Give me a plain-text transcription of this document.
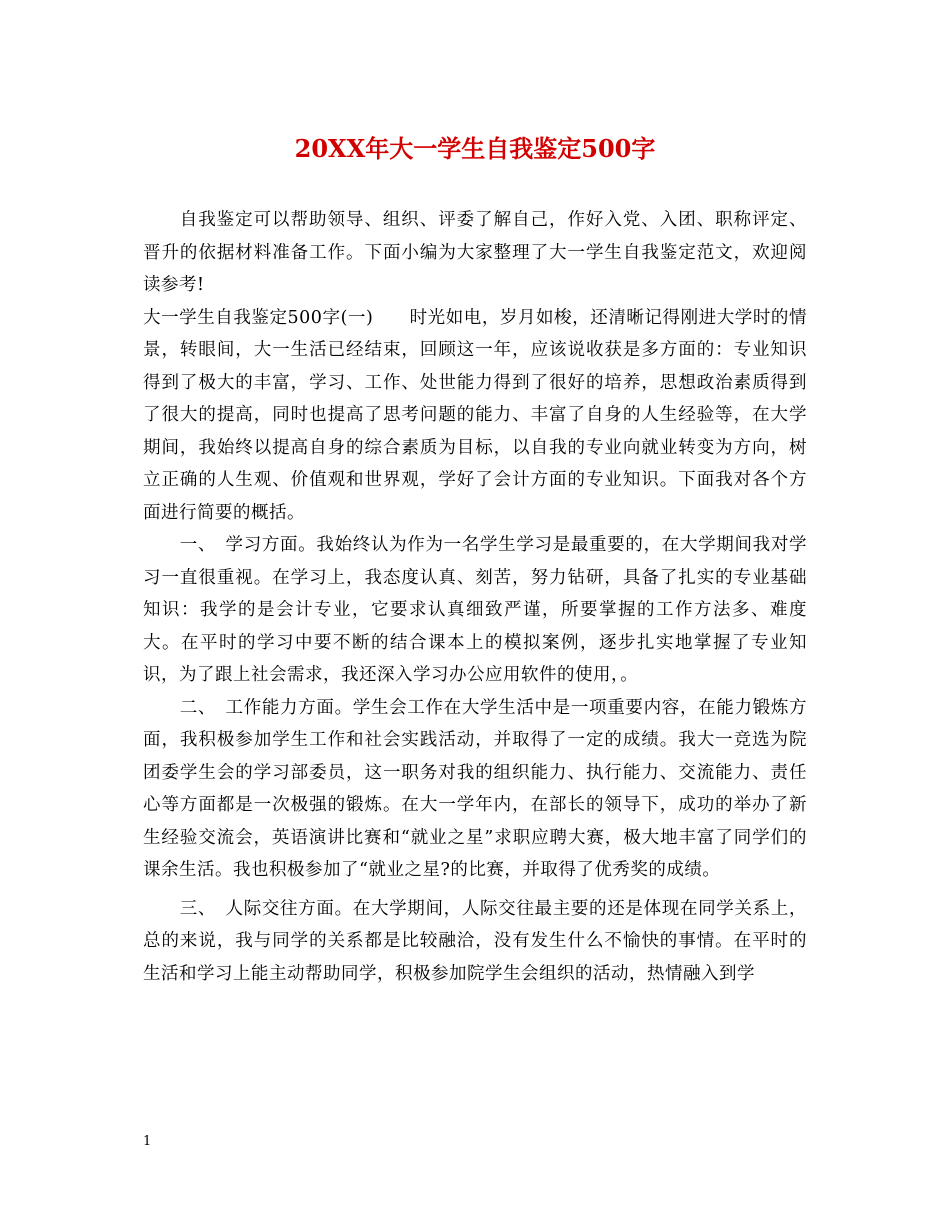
20XX年大一学生自我鉴定500字

自我鉴定可以帮助领导、组织、评委了解自己，作好入党、入团、职称评定、晋升的依据材料准备工作。下面小编为大家整理了大一学生自我鉴定范文，欢迎阅读参考!

大一学生自我鉴定500字(一)　　时光如电，岁月如梭，还清晰记得刚进大学时的情景，转眼间，大一生活已经结束，回顾这一年，应该说收获是多方面的：专业知识得到了极大的丰富，学习、工作、处世能力得到了很好的培养，思想政治素质得到了很大的提高，同时也提高了思考问题的能力、丰富了自身的人生经验等，在大学期间，我始终以提高自身的综合素质为目标，以自我的专业向就业转变为方向，树立正确的人生观、价值观和世界观，学好了会计方面的专业知识。下面我对各个方面进行简要的概括。

一、　学习方面。我始终认为作为一名学生学习是最重要的，在大学期间我对学习一直很重视。在学习上，我态度认真、刻苦，努力钻研，具备了扎实的专业基础知识：我学的是会计专业，它要求认真细致严谨，所要掌握的工作方法多、难度大。在平时的学习中要不断的结合课本上的模拟案例，逐步扎实地掌握了专业知识，为了跟上社会需求，我还深入学习办公应用软件的使用，。

二、　工作能力方面。学生会工作在大学生活中是一项重要内容，在能力锻炼方面，我积极参加学生工作和社会实践活动，并取得了一定的成绩。我大一竞选为院团委学生会的学习部委员，这一职务对我的组织能力、执行能力、交流能力、责任心等方面都是一次极强的锻炼。在大一学年内，在部长的领导下，成功的举办了新生经验交流会，英语演讲比赛和“就业之星”求职应聘大赛，极大地丰富了同学们的课余生活。我也积极参加了“就业之星?的比赛，并取得了优秀奖的成绩。

三、　人际交往方面。在大学期间，人际交往最主要的还是体现在同学关系上，总的来说，我与同学的关系都是比较融洽，没有发生什么不愉快的事情。在平时的生活和学习上能主动帮助同学，积极参加院学生会组织的活动，热情融入到学

1
